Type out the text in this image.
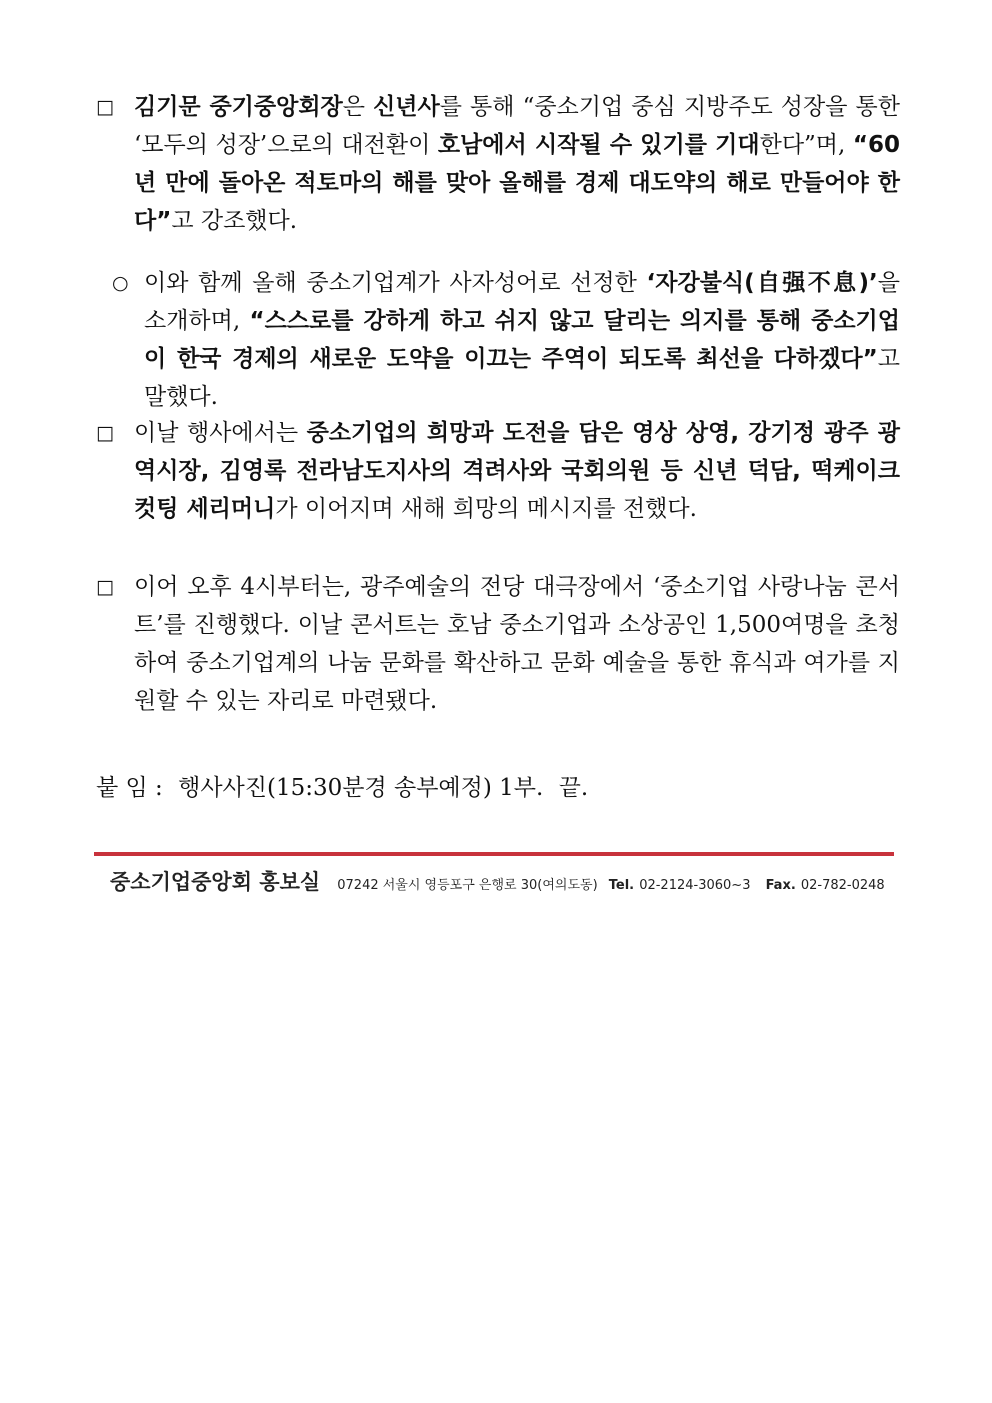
□ 김기문 중기중앙회장은 신년사를 통해 “중소기업 중심 지방주도 성장을 통한 ‘모두의 성장’으로의 대전환이 호남에서 시작될 수 있기를 기대한다”며, “60년 만에 돌아온 적토마의 해를 맞아 올해를 경제 대도약의 해로 만들어야 한다”고 강조했다.
○ 이와 함께 올해 중소기업계가 사자성어로 선정한 ‘자강불식(自强不息)’을 소개하며, “스스로를 강하게 하고 쉬지 않고 달리는 의지를 통해 중소기업이 한국 경제의 새로운 도약을 이끄는 주역이 되도록 최선을 다하겠다”고 말했다.
□ 이날 행사에서는 중소기업의 희망과 도전을 담은 영상 상영, 강기정 광주 광역시장, 김영록 전라남도지사의 격려사와 국회의원 등 신년 덕담, 떡케이크 컷팅 세리머니가 이어지며 새해 희망의 메시지를 전했다.
□ 이어 오후 4시부터는, 광주예술의 전당 대극장에서 ‘중소기업 사랑나눔 콘서트’를 진행했다. 이날 콘서트는 호남 중소기업과 소상공인 1,500여명을 초청하여 중소기업계의 나눔 문화를 확산하고 문화 예술을 통한 휴식과 여가를 지원할 수 있는 자리로 마련됐다.
붙 임 : 행사사진(15:30분경 송부예정) 1부. 끝.
중소기업중앙회 홍보실 07242 서울시 영등포구 은행로 30(여의도동) Tel. 02-2124-3060~3 Fax. 02-782-0248
